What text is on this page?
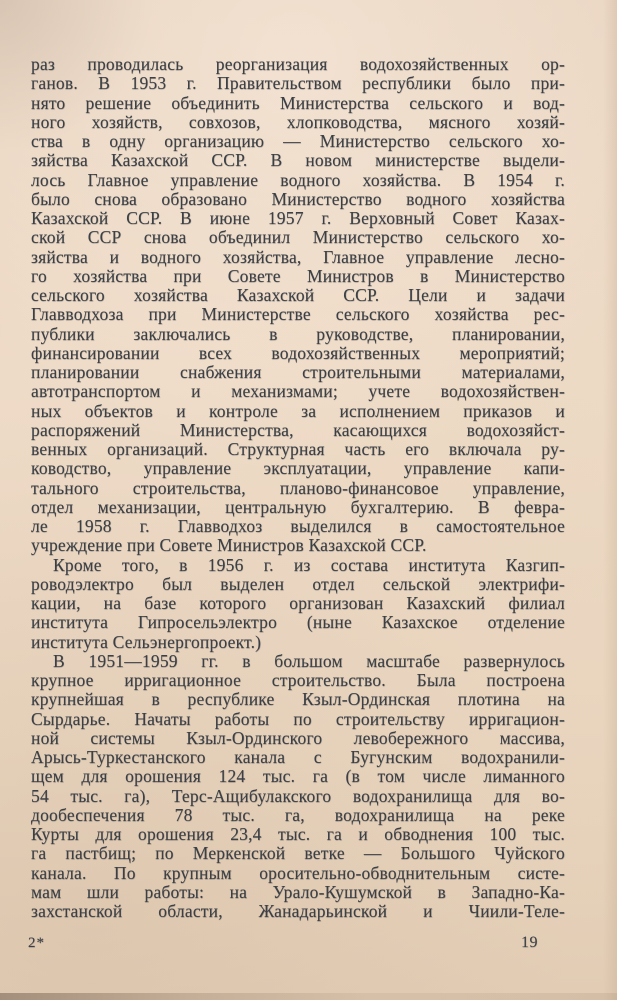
раз проводилась реорганизация водохозяйственных ор-
ганов. В 1953 г. Правительством республики было при-
нято решение объединить Министерства сельского и вод-
ного хозяйств, совхозов, хлопководства, мясного хозяй-
ства в одну организацию — Министерство сельского хо-
зяйства Казахской ССР. В новом министерстве выдели-
лось Главное управление водного хозяйства. В 1954 г.
было снова образовано Министерство водного хозяйства
Казахской ССР. В июне 1957 г. Верховный Совет Казах-
ской ССР снова объединил Министерство сельского хо-
зяйства и водного хозяйства, Главное управление лесно-
го хозяйства при Совете Министров в Министерство
сельского хозяйства Казахской ССР. Цели и задачи
Главводхоза при Министерстве сельского хозяйства рес-
публики заключались в руководстве, планировании,
финансировании всех водохозяйственных мероприятий;
планировании снабжения строительными материалами,
автотранспортом и механизмами; учете водохозяйствен-
ных объектов и контроле за исполнением приказов и
распоряжений Министерства, касающихся водохозяйст-
венных организаций. Структурная часть его включала ру-
ководство, управление эксплуатации, управление капи-
тального строительства, планово-финансовое управление,
отдел механизации, центральную бухгалтерию. В февра-
ле 1958 г. Главводхоз выделился в самостоятельное
учреждение при Совете Министров Казахской ССР.
Кроме того, в 1956 г. из состава института Казгип-
роводэлектро был выделен отдел сельской электрифи-
кации, на базе которого организован Казахский филиал
института Гипросельэлектро (ныне Казахское отделение
института Сельэнергопроект.)
В 1951—1959 гг. в большом масштабе развернулось
крупное ирригационное строительство. Была построена
крупнейшая в республике Кзыл-Ординская плотина на
Сырдарье. Начаты работы по строительству ирригацион-
ной системы Кзыл-Ординского левобережного массива,
Арысь-Туркестанского канала с Бугунским водохранили-
щем для орошения 124 тыс. га (в том числе лиманного
54 тыс. га), Терс-Ащибулакского водохранилища для во-
дообеспечения 78 тыс. га, водохранилища на реке
Курты для орошения 23,4 тыс. га и обводнения 100 тыс.
га пастбищ; по Меркенской ветке — Большого Чуйского
канала. По крупным оросительно-обводнительным систе-
мам шли работы: на Урало-Кушумской в Западно-Ка-
захстанской области, Жанадарьинской и Чиили-Теле-
2*	19
